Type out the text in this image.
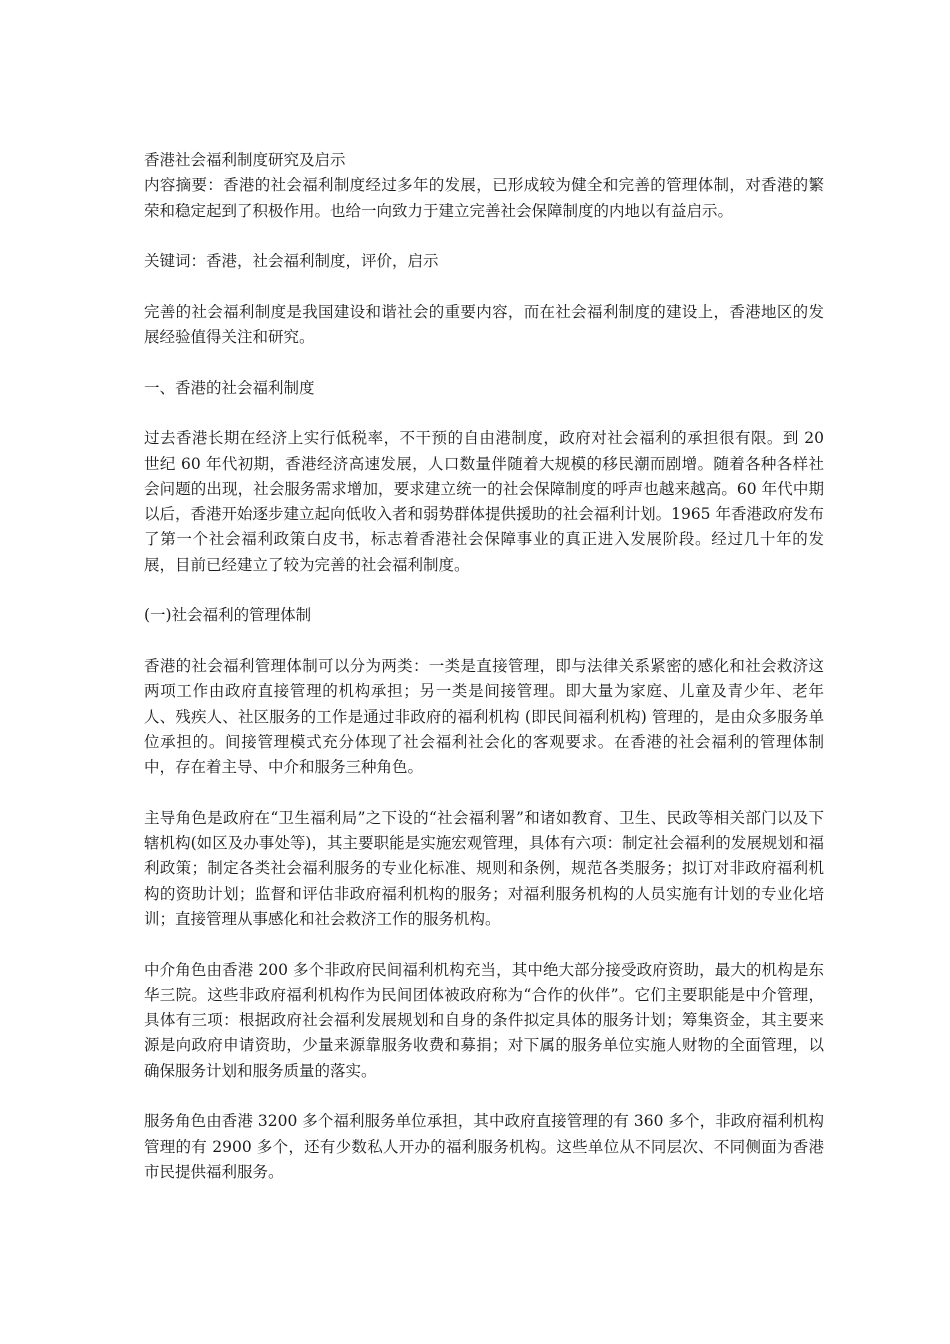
香港社会福利制度研究及启示

内容摘要：香港的社会福利制度经过多年的发展，已形成较为健全和完善的管理体制，对香港的繁荣和稳定起到了积极作用。也给一向致力于建立完善社会保障制度的内地以有益启示。

关键词：香港，社会福利制度，评价，启示

完善的社会福利制度是我国建设和谐社会的重要内容，而在社会福利制度的建设上，香港地区的发展经验值得关注和研究。

一、香港的社会福利制度

过去香港长期在经济上实行低税率，不干预的自由港制度，政府对社会福利的承担很有限。到 20 世纪 60 年代初期，香港经济高速发展，人口数量伴随着大规模的移民潮而剧增。随着各种各样社会问题的出现，社会服务需求增加，要求建立统一的社会保障制度的呼声也越来越高。60 年代中期以后，香港开始逐步建立起向低收入者和弱势群体提供援助的社会福利计划。1965 年香港政府发布了第一个社会福利政策白皮书，标志着香港社会保障事业的真正进入发展阶段。经过几十年的发展，目前已经建立了较为完善的社会福利制度。

(一)社会福利的管理体制

香港的社会福利管理体制可以分为两类：一类是直接管理，即与法律关系紧密的感化和社会救济这两项工作由政府直接管理的机构承担；另一类是间接管理。即大量为家庭、儿童及青少年、老年人、残疾人、社区服务的工作是通过非政府的福利机构 (即民间福利机构) 管理的，是由众多服务单位承担的。间接管理模式充分体现了社会福利社会化的客观要求。在香港的社会福利的管理体制中，存在着主导、中介和服务三种角色。

主导角色是政府在“卫生福利局”之下设的“社会福利署”和诸如教育、卫生、民政等相关部门以及下辖机构(如区及办事处等)，其主要职能是实施宏观管理，具体有六项：制定社会福利的发展规划和福利政策；制定各类社会福利服务的专业化标准、规则和条例，规范各类服务；拟订对非政府福利机构的资助计划；监督和评估非政府福利机构的服务；对福利服务机构的人员实施有计划的专业化培训；直接管理从事感化和社会救济工作的服务机构。

中介角色由香港 200 多个非政府民间福利机构充当，其中绝大部分接受政府资助，最大的机构是东华三院。这些非政府福利机构作为民间团体被政府称为“合作的伙伴”。它们主要职能是中介管理，具体有三项：根据政府社会福利发展规划和自身的条件拟定具体的服务计划；筹集资金，其主要来源是向政府申请资助，少量来源靠服务收费和募捐；对下属的服务单位实施人财物的全面管理，以确保服务计划和服务质量的落实。

服务角色由香港 3200 多个福利服务单位承担，其中政府直接管理的有 360 多个，非政府福利机构管理的有 2900 多个，还有少数私人开办的福利服务机构。这些单位从不同层次、不同侧面为香港市民提供福利服务。
